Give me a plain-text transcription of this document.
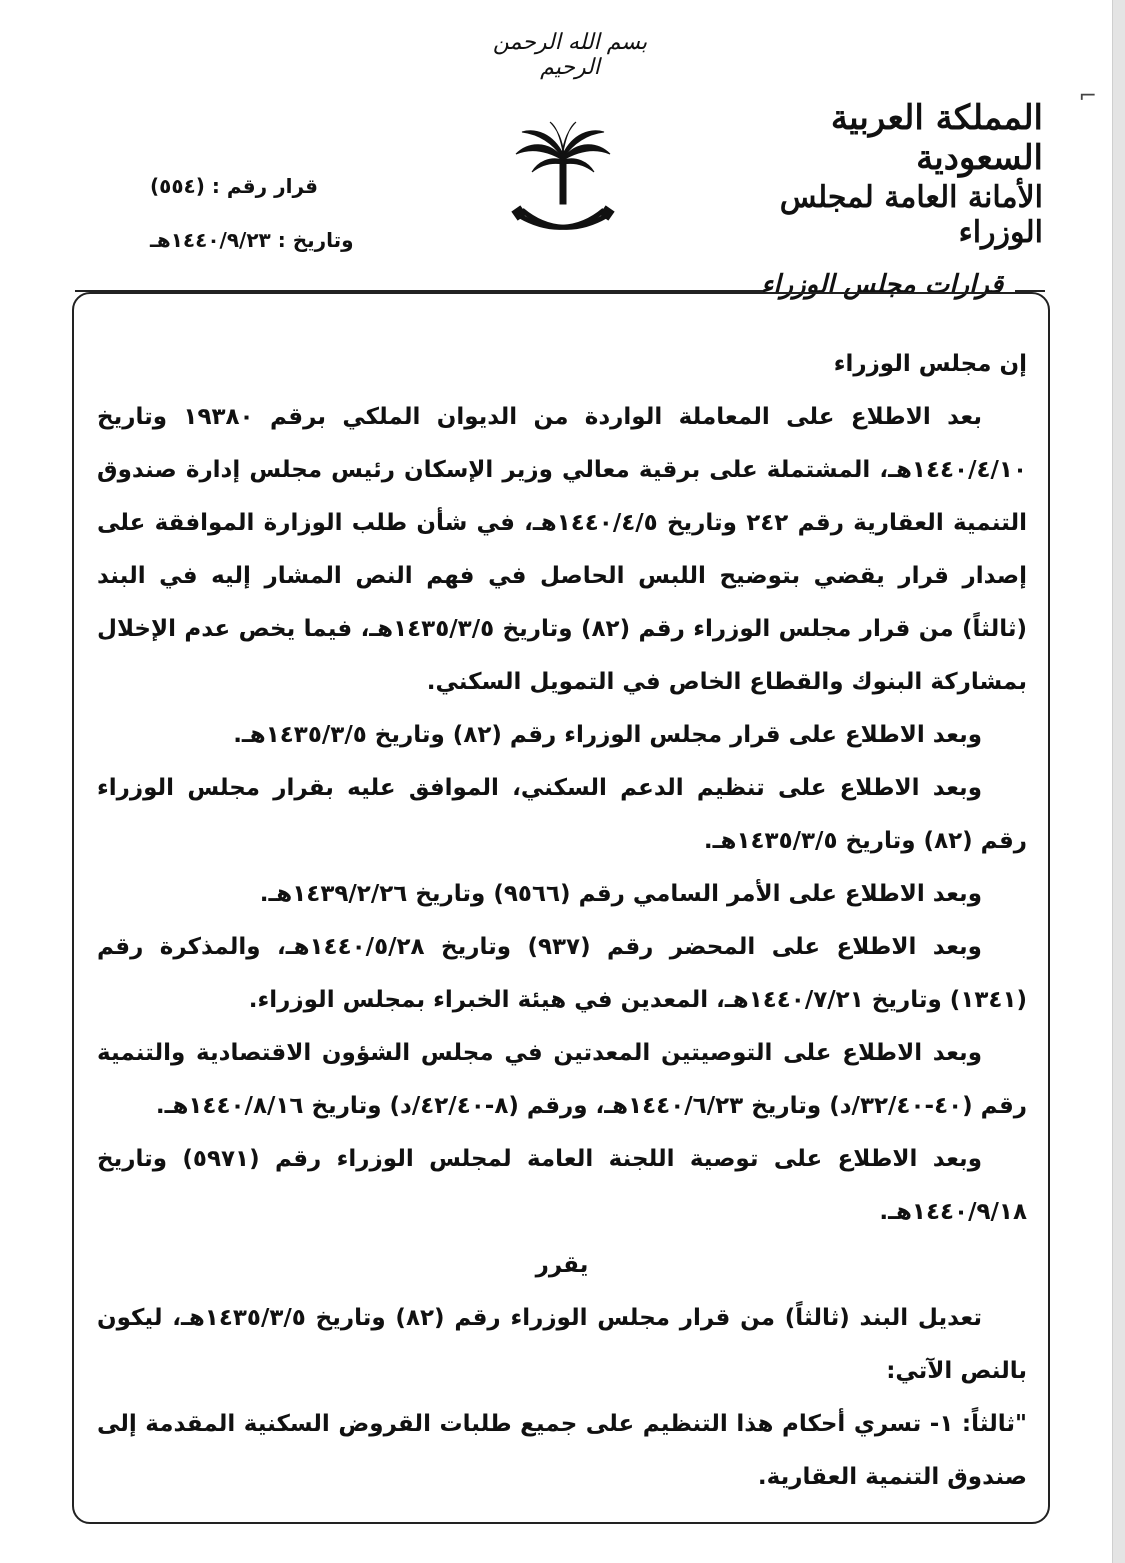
⌐
بسم الله الرحمن الرحيم
المملكة العربية السعودية
الأمانة العامة لمجلس الوزراء
قرار رقم : (٥٥٤)
وتاريخ : ١٤٤٠/٩/٢٣هـ
قرارات مجلس الوزراء

إن مجلس الوزراء

بعد الاطلاع على المعاملة الواردة من الديوان الملكي برقم ١٩٣٨٠ وتاريخ ١٤٤٠/٤/١٠هـ، المشتملة على برقية معالي وزير الإسكان رئيس مجلس إدارة صندوق التنمية العقارية رقم ٢٤٢ وتاريخ ١٤٤٠/٤/٥هـ، في شأن طلب الوزارة الموافقة على إصدار قرار يقضي بتوضيح اللبس الحاصل في فهم النص المشار إليه في البند (ثالثاً) من قرار مجلس الوزراء رقم (٨٢) وتاريخ ١٤٣٥/٣/٥هـ، فيما يخص عدم الإخلال بمشاركة البنوك والقطاع الخاص في التمويل السكني.

وبعد الاطلاع على قرار مجلس الوزراء رقم (٨٢) وتاريخ ١٤٣٥/٣/٥هـ.

وبعد الاطلاع على تنظيم الدعم السكني، الموافق عليه بقرار مجلس الوزراء رقم (٨٢) وتاريخ ١٤٣٥/٣/٥هـ.

وبعد الاطلاع على الأمر السامي رقم (٩٥٦٦) وتاريخ ١٤٣٩/٢/٢٦هـ.

وبعد الاطلاع على المحضر رقم (٩٣٧) وتاريخ ١٤٤٠/٥/٢٨هـ، والمذكرة رقم (١٣٤١) وتاريخ ١٤٤٠/٧/٢١هـ، المعدين في هيئة الخبراء بمجلس الوزراء.

وبعد الاطلاع على التوصيتين المعدتين في مجلس الشؤون الاقتصادية والتنمية رقم (٤٠-٣٢/٤٠/د) وتاريخ ١٤٤٠/٦/٢٣هـ، ورقم (٨-٤٢/٤٠/د) وتاريخ ١٤٤٠/٨/١٦هـ.

وبعد الاطلاع على توصية اللجنة العامة لمجلس الوزراء رقم (٥٩٧١) وتاريخ ١٤٤٠/٩/١٨هـ.

يقرر

تعديل البند (ثالثاً) من قرار مجلس الوزراء رقم (٨٢) وتاريخ ١٤٣٥/٣/٥هـ، ليكون بالنص الآتي:

"ثالثاً: ١- تسري أحكام هذا التنظيم على جميع طلبات القروض السكنية المقدمة إلى صندوق التنمية العقارية.
